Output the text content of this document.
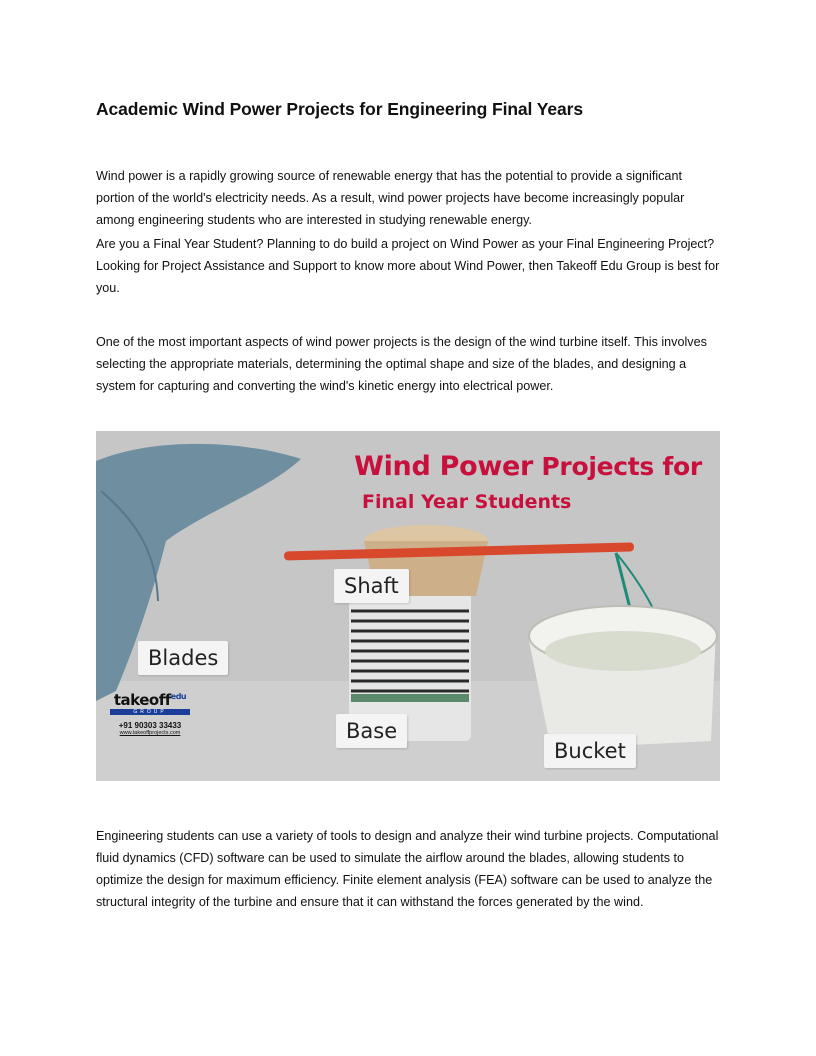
Academic Wind Power Projects for Engineering Final Years

Wind power is a rapidly growing source of renewable energy that has the potential to provide a significant portion of the world's electricity needs. As a result, wind power projects have become increasingly popular among engineering students who are interested in studying renewable energy.

Are you a Final Year Student? Planning to do build a project on Wind Power as your Final Engineering Project? Looking for Project Assistance and Support to know more about Wind Power, then Takeoff Edu Group is best for you.

One of the most important aspects of wind power projects is the design of the wind turbine itself. This involves selecting the appropriate materials, determining the optimal shape and size of the blades, and designing a system for capturing and converting the wind's kinetic energy into electrical power.

Wind Power Projects for
Final Year Students
Shaft
Blades
Base
Bucket
takeoff$^{edu}$
GROUP
+91 90303 33433
www.takeoffprojects.com

Engineering students can use a variety of tools to design and analyze their wind turbine projects. Computational fluid dynamics (CFD) software can be used to simulate the airflow around the blades, allowing students to optimize the design for maximum efficiency. Finite element analysis (FEA) software can be used to analyze the structural integrity of the turbine and ensure that it can withstand the forces generated by the wind.
